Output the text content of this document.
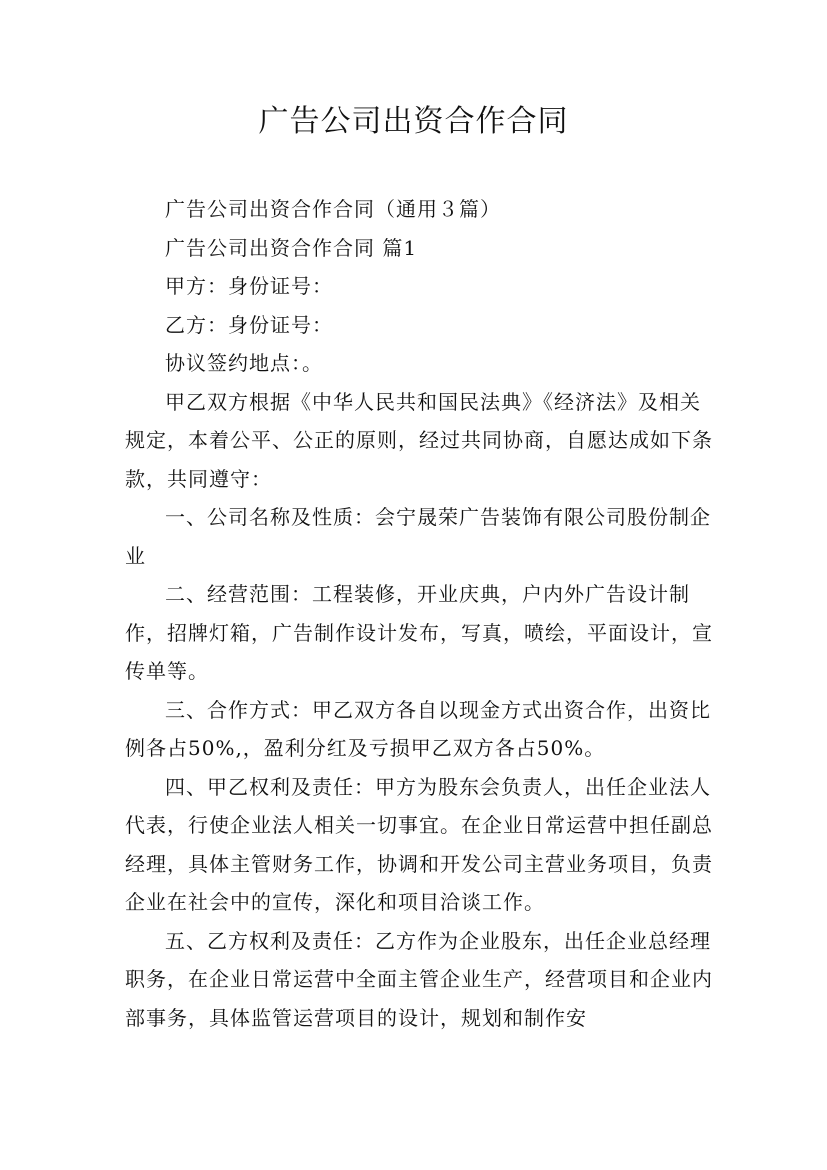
广告公司出资合作合同

广告公司出资合作合同（通用３篇）

广告公司出资合作合同 篇1

甲方：身份证号：

乙方：身份证号：

协议签约地点：。

甲乙双方根据《中华人民共和国民法典》《经济法》及相关规定，本着公平、公正的原则，经过共同协商，自愿达成如下条款，共同遵守：

一、公司名称及性质：会宁晟荣广告装饰有限公司股份制企业

二、经营范围：工程装修，开业庆典，户内外广告设计制作，招牌灯箱，广告制作设计发布，写真，喷绘，平面设计，宣传单等。

三、合作方式：甲乙双方各自以现金方式出资合作，出资比例各占50%,，盈利分红及亏损甲乙双方各占50%。

四、甲乙权利及责任：甲方为股东会负责人，出任企业法人代表，行使企业法人相关一切事宜。在企业日常运营中担任副总经理，具体主管财务工作，协调和开发公司主营业务项目，负责企业在社会中的宣传，深化和项目洽谈工作。

五、乙方权利及责任：乙方作为企业股东，出任企业总经理职务，在企业日常运营中全面主管企业生产，经营项目和企业内部事务，具体监管运营项目的设计，规划和制作安
